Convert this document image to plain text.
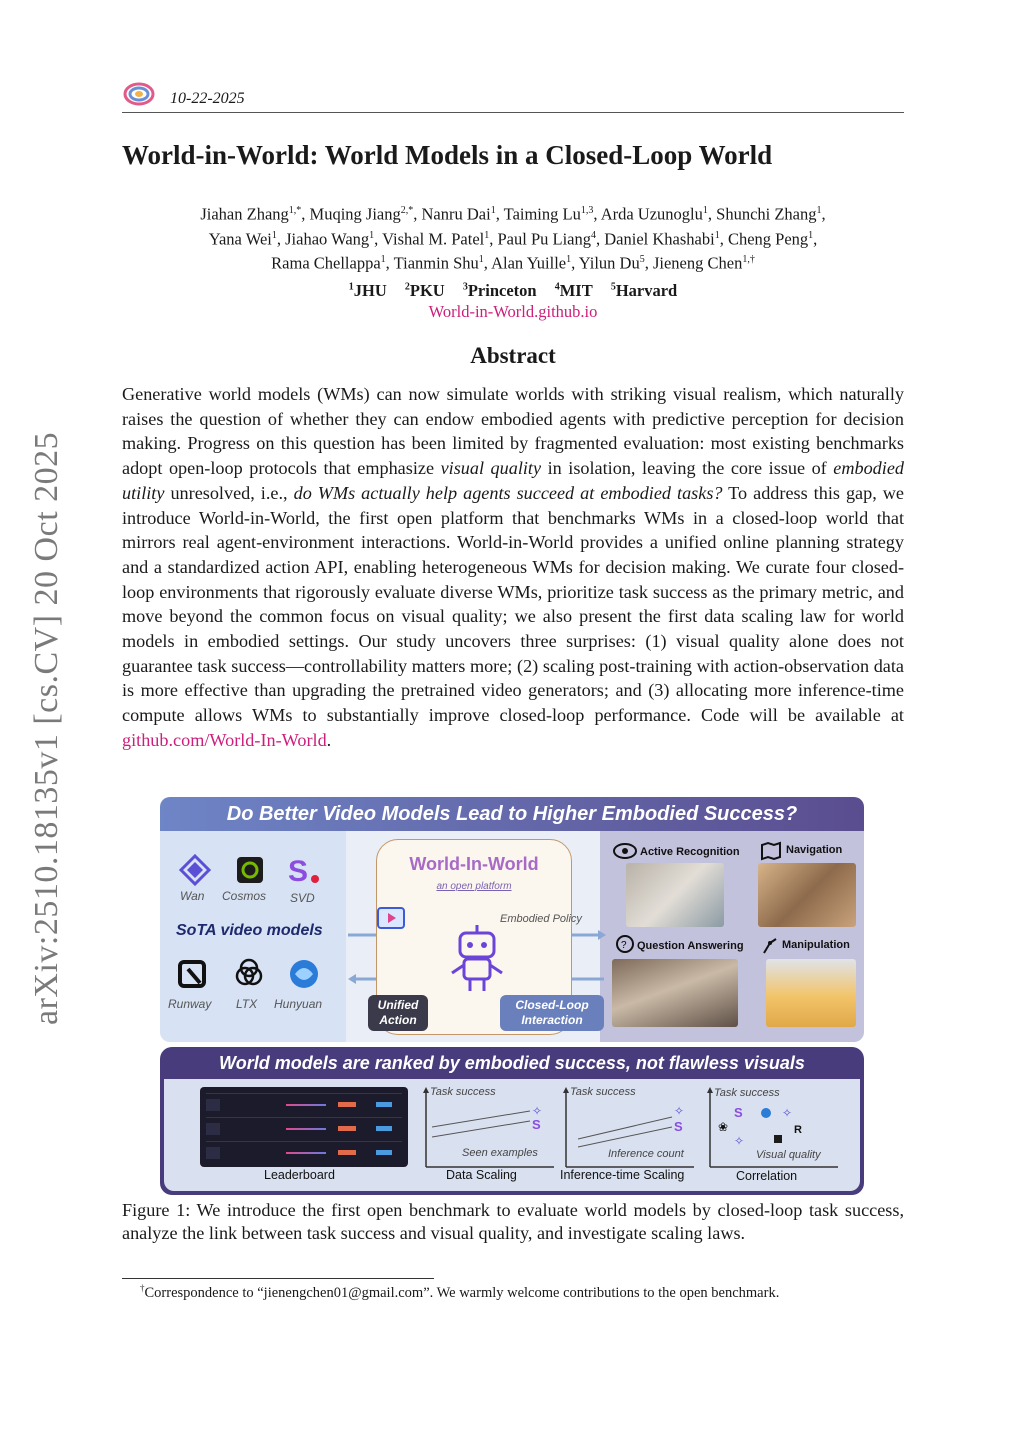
arXiv:2510.18135v1 [cs.CV] 20 Oct 2025
10-22-2025
World-in-World: World Models in a Closed-Loop World
Jiahan Zhang$^{1,*}$, Muqing Jiang$^{2,*}$, Nanru Dai$^1$, Taiming Lu$^{1,3}$, Arda Uzunoglu$^1$, Shunchi Zhang$^1$,
Yana Wei$^1$, Jiahao Wang$^1$, Vishal M. Patel$^1$, Paul Pu Liang$^4$, Daniel Khashabi$^1$, Cheng Peng$^1$,
Rama Chellappa$^1$, Tianmin Shu$^1$, Alan Yuille$^1$, Yilun Du$^5$, Jieneng Chen$^{1,\dagger}$
$^1$JHU $^2$PKU $^3$Princeton $^4$MIT $^5$Harvard
World-in-World.github.io
Abstract
Generative world models (WMs) can now simulate worlds with striking visual realism, which naturally raises the question of whether they can endow embodied agents with predictive perception for decision making. Progress on this question has been limited by fragmented evaluation: most existing benchmarks adopt open-loop protocols that emphasize visual quality in isolation, leaving the core issue of embodied utility unresolved, i.e., do WMs actually help agents succeed at embodied tasks? To address this gap, we introduce World-in-World, the first open platform that benchmarks WMs in a closed-loop world that mirrors real agent-environment interactions. World-in-World provides a unified online planning strategy and a standardized action API, enabling heterogeneous WMs for decision making. We curate four closed-loop environments that rigorously evaluate diverse WMs, prioritize task success as the primary metric, and move beyond the common focus on visual quality; we also present the first data scaling law for world models in embodied settings. Our study uncovers three surprises: (1) visual quality alone does not guarantee task success—controllability matters more; (2) scaling post-training with action-observation data is more effective than upgrading the pretrained video generators; and (3) allocating more inference-time compute allows WMs to substantially improve closed-loop performance. Code will be available at github.com/World-In-World.
Do Better Video Models Lead to Higher Embodied Success?
S
Wan Cosmos SVD
SoTA video models
Runway LTX Hunyuan
World-In-World
an open platform
Embodied Policy
Unified Action
Closed-Loop Interaction
Active Recognition	Navigation
? Question Answering	Manipulation
World models are ranked by embodied success, not flawless visuals
Leaderboard
✧
S
Task success
Seen examples
Data Scaling
✧
S
Task success
Inference count
Inference-time Scaling
S	✧
❀	R
✧
Task success
Visual quality
Correlation
Figure 1: We introduce the first open benchmark to evaluate world models by closed-loop task success, analyze the link between task success and visual quality, and investigate scaling laws.
†Correspondence to “jienengchen01@gmail.com”. We warmly welcome contributions to the open benchmark.
